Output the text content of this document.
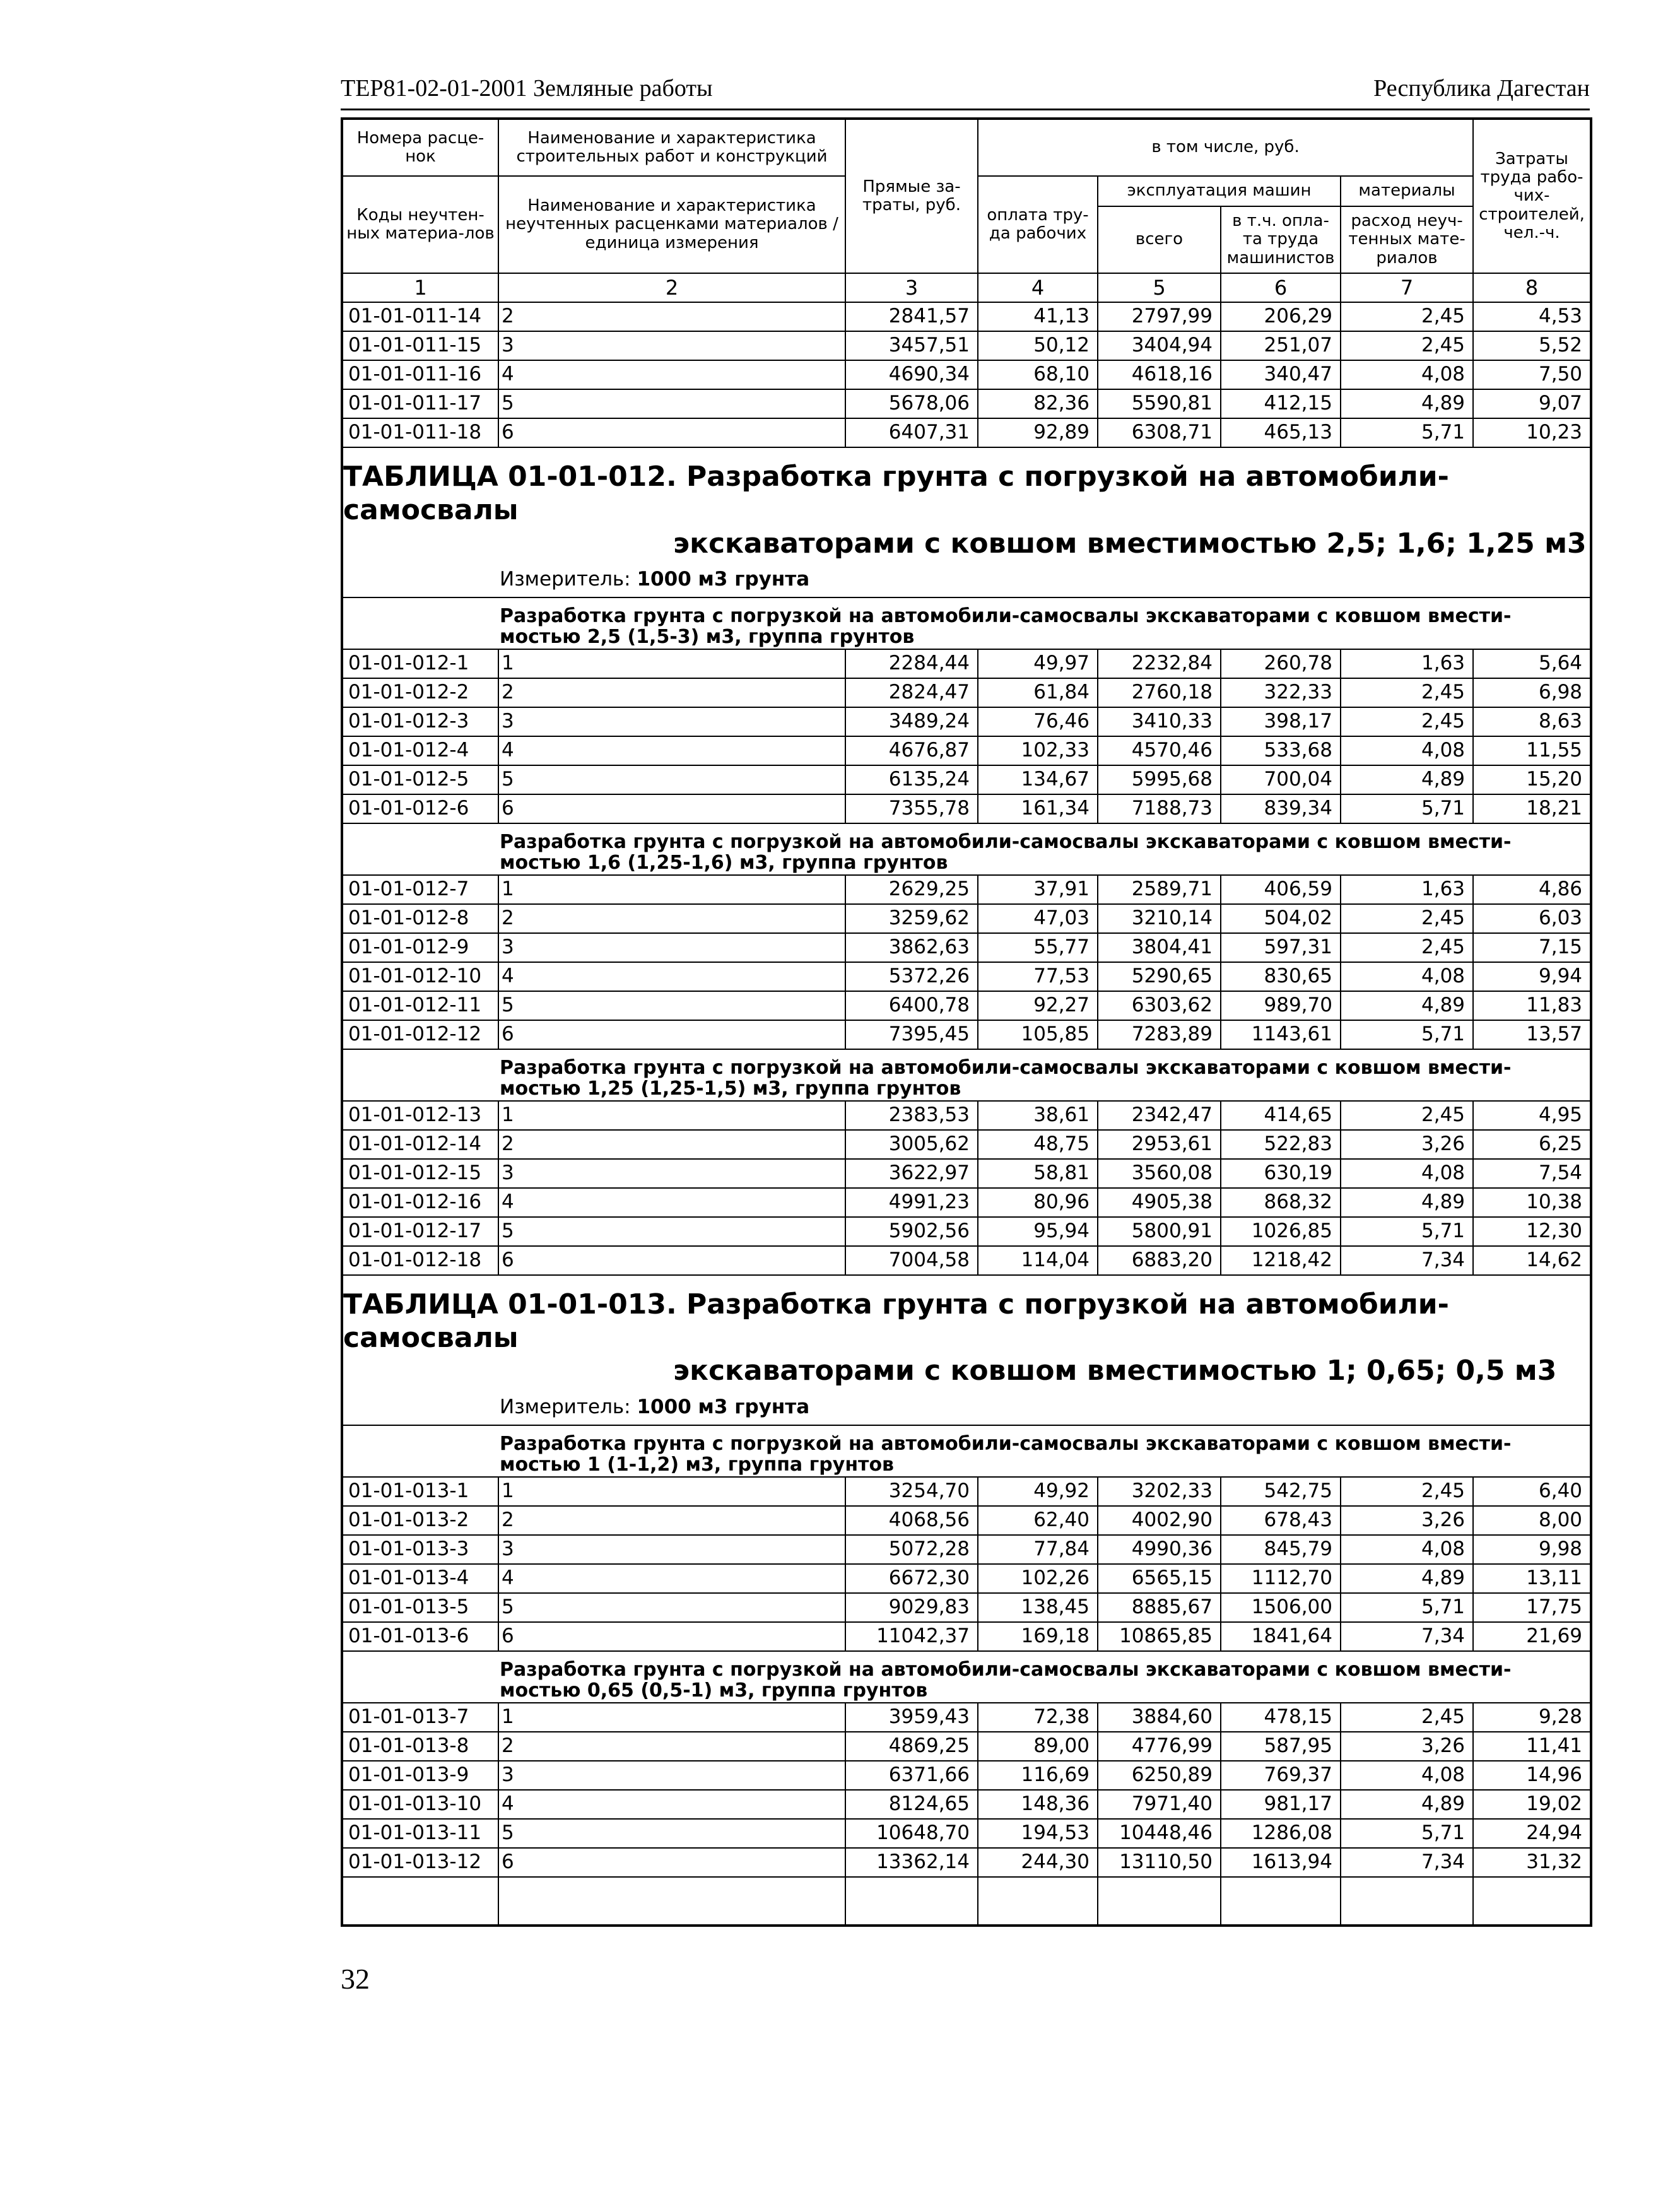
ТЕР81-02-01-2001 Земляные работы	Республика Дагестан
Номера расце-нок	Наименование и характеристика строительных работ и конструкций	Прямые за-траты, руб.	в том числе, руб.				Затраты труда рабо-чих-строителей, чел.-ч.
Коды неучтен-ных материа-лов	Наименование и характеристика неучтенных расценками материалов / единица измерения		оплата тру-да рабочих	эксплуатация машин		материалы	
				всего	в т.ч. опла-та труда машинистов	расход неуч-тенных мате-риалов	
1	2	3	4	5	6	7	8
01-01-011-14	2	2841,57	41,13	2797,99	206,29	2,45	4,53
01-01-011-15	3	3457,51	50,12	3404,94	251,07	2,45	5,52
01-01-011-16	4	4690,34	68,10	4618,16	340,47	4,08	7,50
01-01-011-17	5	5678,06	82,36	5590,81	412,15	4,89	9,07
01-01-011-18	6	6407,31	92,89	6308,71	465,13	5,71	10,23

ТАБЛИЦА 01-01-012. Разработка грунта с погрузкой на автомобили-самосвалы
экскаваторами с ковшом вместимостью 2,5; 1,6; 1,25 м3
Измеритель: 1000 м3 грунта							

Разработка грунта с погрузкой на автомобили-самосвалы экскаваторами с ковшом вмести-мостью 2,5 (1,5-3) м3, группа грунтов							
01-01-012-1	1	2284,44	49,97	2232,84	260,78	1,63	5,64
01-01-012-2	2	2824,47	61,84	2760,18	322,33	2,45	6,98
01-01-012-3	3	3489,24	76,46	3410,33	398,17	2,45	8,63
01-01-012-4	4	4676,87	102,33	4570,46	533,68	4,08	11,55
01-01-012-5	5	6135,24	134,67	5995,68	700,04	4,89	15,20
01-01-012-6	6	7355,78	161,34	7188,73	839,34	5,71	18,21
Разработка грунта с погрузкой на автомобили-самосвалы экскаваторами с ковшом вмести-мостью 1,6 (1,25-1,6) м3, группа грунтов							
01-01-012-7	1	2629,25	37,91	2589,71	406,59	1,63	4,86
01-01-012-8	2	3259,62	47,03	3210,14	504,02	2,45	6,03
01-01-012-9	3	3862,63	55,77	3804,41	597,31	2,45	7,15
01-01-012-10	4	5372,26	77,53	5290,65	830,65	4,08	9,94
01-01-012-11	5	6400,78	92,27	6303,62	989,70	4,89	11,83
01-01-012-12	6	7395,45	105,85	7283,89	1143,61	5,71	13,57
Разработка грунта с погрузкой на автомобили-самосвалы экскаваторами с ковшом вмести-мостью 1,25 (1,25-1,5) м3, группа грунтов							
01-01-012-13	1	2383,53	38,61	2342,47	414,65	2,45	4,95
01-01-012-14	2	3005,62	48,75	2953,61	522,83	3,26	6,25
01-01-012-15	3	3622,97	58,81	3560,08	630,19	4,08	7,54
01-01-012-16	4	4991,23	80,96	4905,38	868,32	4,89	10,38
01-01-012-17	5	5902,56	95,94	5800,91	1026,85	5,71	12,30
01-01-012-18	6	7004,58	114,04	6883,20	1218,42	7,34	14,62

ТАБЛИЦА 01-01-013. Разработка грунта с погрузкой на автомобили-самосвалы
экскаваторами с ковшом вместимостью 1; 0,65; 0,5 м3
Измеритель: 1000 м3 грунта							

Разработка грунта с погрузкой на автомобили-самосвалы экскаваторами с ковшом вмести-мостью 1 (1-1,2) м3, группа грунтов							
01-01-013-1	1	3254,70	49,92	3202,33	542,75	2,45	6,40
01-01-013-2	2	4068,56	62,40	4002,90	678,43	3,26	8,00
01-01-013-3	3	5072,28	77,84	4990,36	845,79	4,08	9,98
01-01-013-4	4	6672,30	102,26	6565,15	1112,70	4,89	13,11
01-01-013-5	5	9029,83	138,45	8885,67	1506,00	5,71	17,75
01-01-013-6	6	11042,37	169,18	10865,85	1841,64	7,34	21,69
Разработка грунта с погрузкой на автомобили-самосвалы экскаваторами с ковшом вмести-мостью 0,65 (0,5-1) м3, группа грунтов							
01-01-013-7	1	3959,43	72,38	3884,60	478,15	2,45	9,28
01-01-013-8	2	4869,25	89,00	4776,99	587,95	3,26	11,41
01-01-013-9	3	6371,66	116,69	6250,89	769,37	4,08	14,96
01-01-013-10	4	8124,65	148,36	7971,40	981,17	4,89	19,02
01-01-013-11	5	10648,70	194,53	10448,46	1286,08	5,71	24,94
01-01-013-12	6	13362,14	244,30	13110,50	1613,94	7,34	31,32

32
